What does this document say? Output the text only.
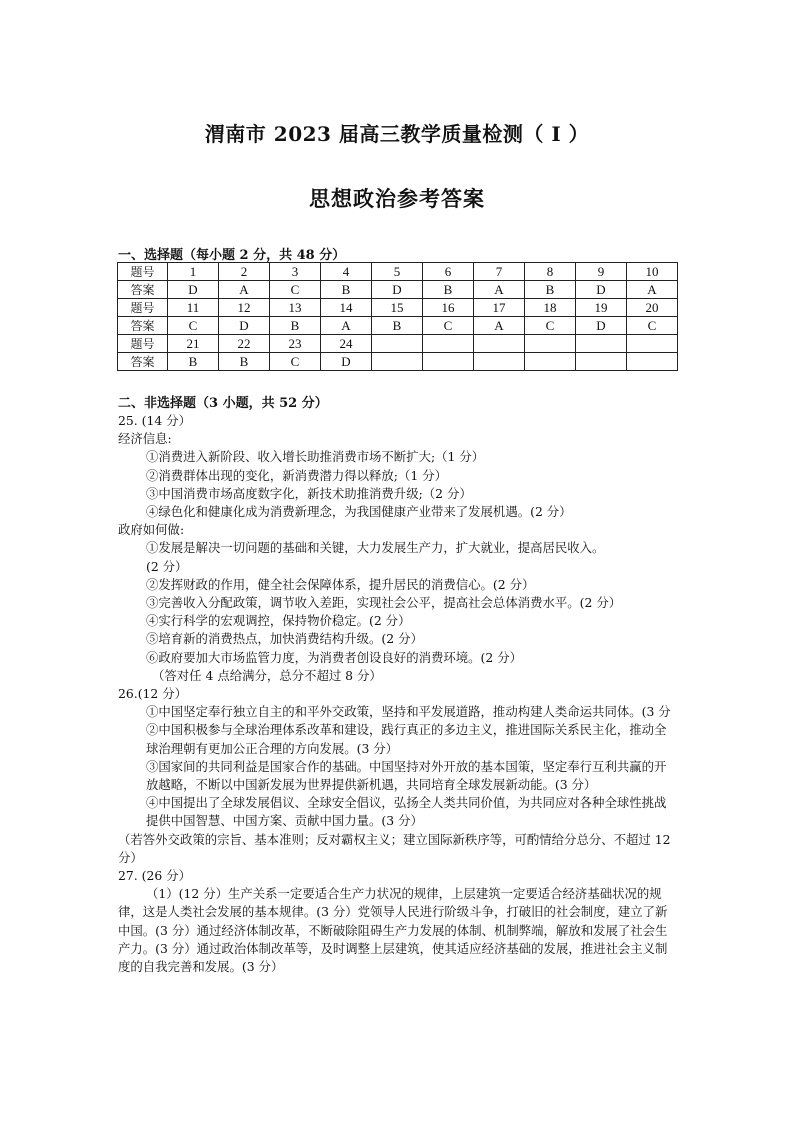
渭南市 2023 届高三教学质量检测（ I ）
思想政治参考答案
一、选择题（每小题 2 分，共 48 分）
题号	1	2	3	4	5	6	7	8	9	10
答案	D	A	C	B	D	B	A	B	D	A
题号	11	12	13	14	15	16	17	18	19	20
答案	C	D	B	A	B	C	A	C	D	C
题号	21	22	23	24						
答案	B	B	C	D						
二、非选择题（3 小题，共 52 分）
25. (14 分）
经济信息:
①消费进入新阶段、收入增长助推消费市场不断扩大;（1 分）
②消费群体出现的变化，新消费潜力得以释放;（1 分）
③中国消费市场高度数字化，新技术助推消费升级;（2 分）
④绿色化和健康化成为消费新理念，为我国健康产业带来了发展机遇。(2 分）
政府如何做:
①发展是解决一切问题的基础和关键，大力发展生产力，扩大就业，提高居民收入。
(2 分）
②发挥财政的作用，健全社会保障体系，提升居民的消费信心。(2 分）
③完善收入分配政策，调节收入差距，实现社会公平，提高社会总体消费水平。(2 分）
④实行科学的宏观调控，保持物价稳定。(2 分）
⑤培育新的消费热点，加快消费结构升级。(2 分）
⑥政府要加大市场监管力度，为消费者创设良好的消费环境。(2 分）
（答对任 4 点给满分，总分不超过 8 分）
26.(12 分）
①中国坚定奉行独立自主的和平外交政策，坚持和平发展道路，推动构建人类命运共同体。(3 分
②中国积极参与全球治理体系改革和建设，践行真正的多边主义，推进国际关系民主化，推动全球治理朝有更加公正合理的方向发展。(3 分）
③国家间的共同利益是国家合作的基础。中国坚持对外开放的基本国策，坚定奉行互利共赢的开放越略，不断以中国新发展为世界提供新机遇，共同培育全球发展新动能。(3 分）
④中国提出了全球发展倡议、全球安全倡议，弘扬全人类共同价值，为共同应对各种全球性挑战提供中国智慧、中国方案、贡献中国力量。(3 分）
（若答外交政策的宗旨、基本准则；反对霸权主义；建立国际新秩序等，可酌情给分总分、不超过 12 分）
27. (26 分）
（1）(12 分）生产关系一定要适合生产力状况的规律，上层建筑一定要适合经济基础状况的规律，这是人类社会发展的基本规律。(3 分）党领导人民进行阶级斗争，打破旧的社会制度，建立了新中国。(3 分）通过经济体制改革，不断破除阻碍生产力发展的体制、机制弊端，解放和发展了社会生产力。(3 分）通过政治体制改革等，及时调整上层建筑，使其适应经济基础的发展，推进社会主义制度的自我完善和发展。(3 分）
